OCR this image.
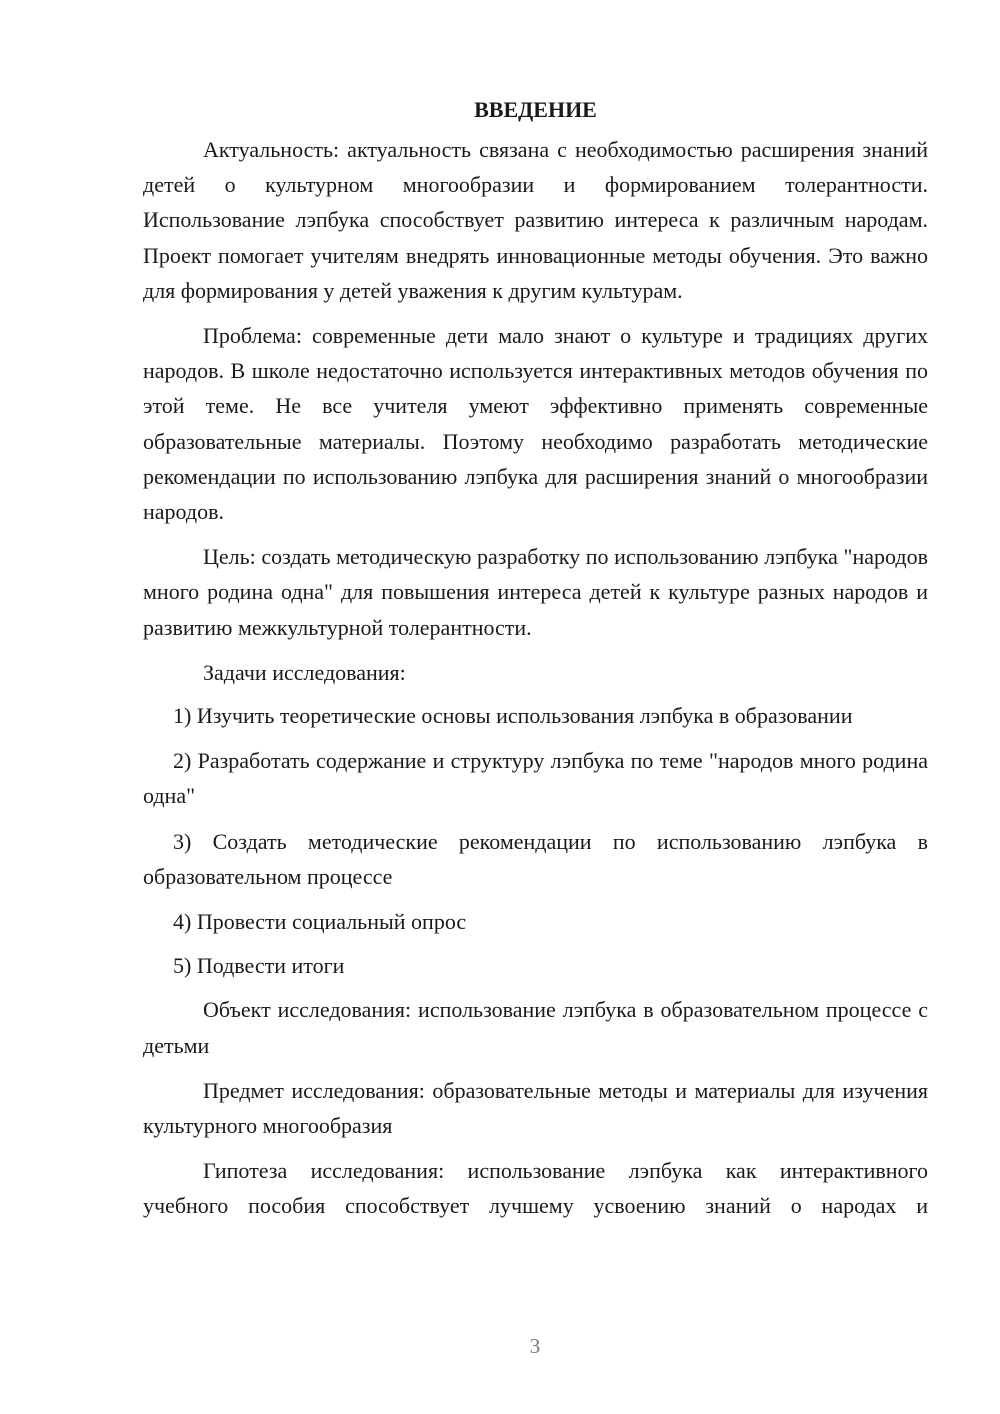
ВВЕДЕНИЕ

Актуальность: актуальность связана с необходимостью расширения знаний детей о культурном многообразии и формированием толерантности. Использование лэпбука способствует развитию интереса к различным народам. Проект помогает учителям внедрять инновационные методы обучения. Это важно для формирования у детей уважения к другим культурам.

Проблема: современные дети мало знают о культуре и традициях других народов. В школе недостаточно используется интерактивных методов обучения по этой теме. Не все учителя умеют эффективно применять современные образовательные материалы. Поэтому необходимо разработать методические рекомендации по использованию лэпбука для расширения знаний о многообразии народов.

Цель: создать методическую разработку по использованию лэпбука "народов много родина одна" для повышения интереса детей к культуре разных народов и развитию межкультурной толерантности.

Задачи исследования:

1) Изучить теоретические основы использования лэпбука в образовании

2) Разработать содержание и структуру лэпбука по теме "народов много родина одна"

3) Создать методические рекомендации по использованию лэпбука в образовательном процессе

4) Провести социальный опрос

5) Подвести итоги

Объект исследования: использование лэпбука в образовательном процессе с детьми

Предмет исследования: образовательные методы и материалы для изучения культурного многообразия

Гипотеза исследования: использование лэпбука как интерактивного учебного пособия способствует лучшему усвоению знаний о народах и

3
